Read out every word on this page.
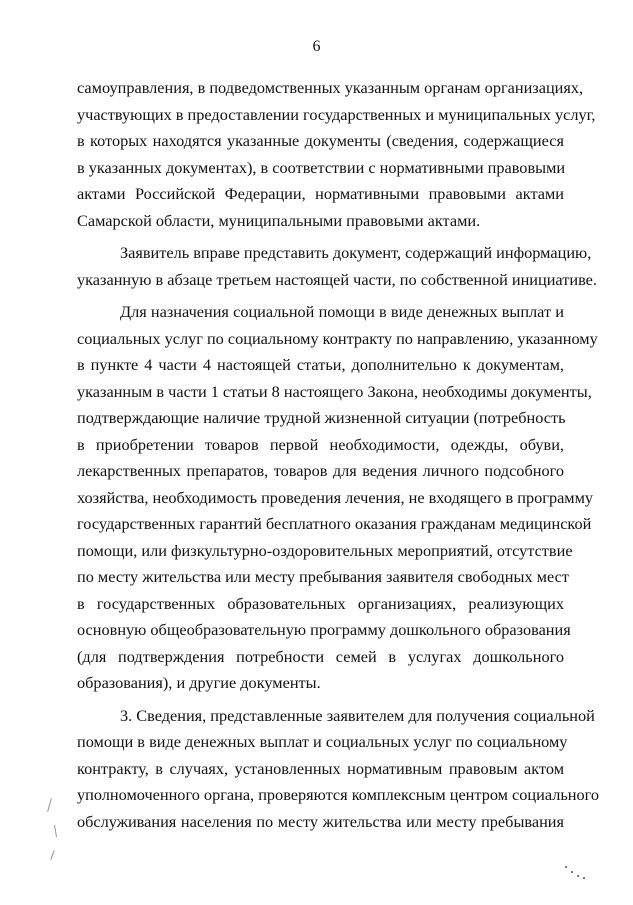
6

самоуправления, в подведомственных указанным органам организациях,
участвующих в предоставлении государственных и муниципальных услуг,
в которых находятся указанные документы (сведения, содержащиеся
в указанных документах), в соответствии с нормативными правовыми
актами Российской Федерации, нормативными правовыми актами
Самарской области, муниципальными правовыми актами.

Заявитель вправе представить документ, содержащий информацию,
указанную в абзаце третьем настоящей части, по собственной инициативе.

Для назначения социальной помощи в виде денежных выплат и
социальных услуг по социальному контракту по направлению, указанному
в пункте 4 части 4 настоящей статьи, дополнительно к документам,
указанным в части 1 статьи 8 настоящего Закона, необходимы документы,
подтверждающие наличие трудной жизненной ситуации (потребность
в приобретении товаров первой необходимости, одежды, обуви,
лекарственных препаратов, товаров для ведения личного подсобного
хозяйства, необходимость проведения лечения, не входящего в программу
государственных гарантий бесплатного оказания гражданам медицинской
помощи, или физкультурно-оздоровительных мероприятий, отсутствие
по месту жительства или месту пребывания заявителя свободных мест
в государственных образовательных организациях, реализующих
основную общеобразовательную программу дошкольного образования
(для подтверждения потребности семей в услугах дошкольного
образования), и другие документы.

3. Сведения, представленные заявителем для получения социальной
помощи в виде денежных выплат и социальных услуг по социальному
контракту, в случаях, установленных нормативным правовым актом
уполномоченного органа, проверяются комплексным центром социального
обслуживания населения по месту жительства или месту пребывания
